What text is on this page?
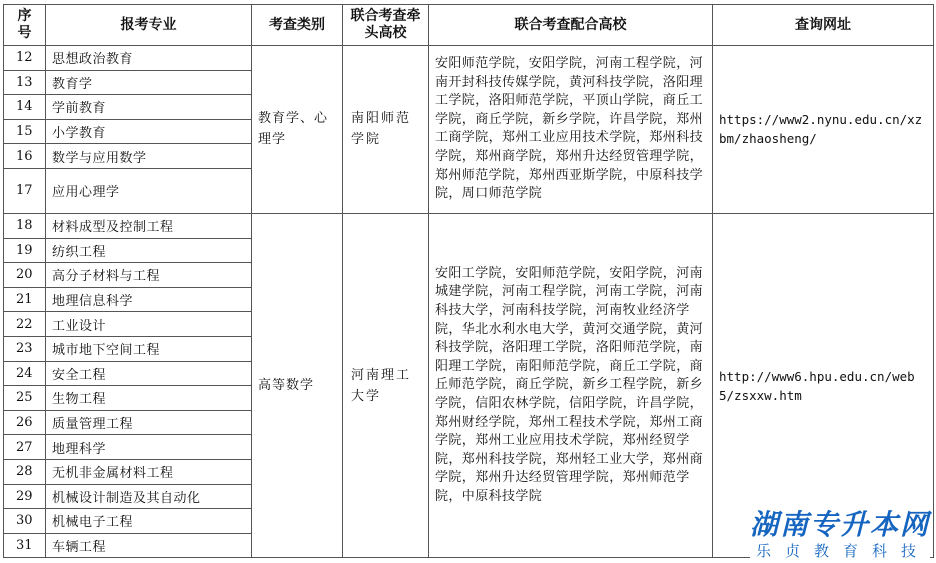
序号	报考专业	考查类别	联合考查牵头高校	联合考查配合高校	查询网址
12	思想政治教育	教育学、心理学	南阳师范学院	安阳师范学院，安阳学院，河南工程学院，河南开封科技传媒学院，黄河科技学院，洛阳理工学院，洛阳师范学院，平顶山学院，商丘工学院，商丘学院，新乡学院，许昌学院，郑州工商学院，郑州工业应用技术学院，郑州科技学院，郑州商学院，郑州升达经贸管理学院，郑州师范学院，郑州西亚斯学院，中原科技学院，周口师范学院	https://www2.nynu.edu.cn/xzbm/zhaosheng/
13	教育学				
14	学前教育				
15	小学教育				
16	数学与应用数学				
17	应用心理学				
18	材料成型及控制工程	高等数学	河南理工大学	安阳工学院，安阳师范学院，安阳学院，河南城建学院，河南工程学院，河南工学院，河南科技大学，河南科技学院，河南牧业经济学院，华北水利水电大学，黄河交通学院，黄河科技学院，洛阳理工学院，洛阳师范学院，南阳理工学院，南阳师范学院，商丘工学院，商丘师范学院，商丘学院，新乡工程学院，新乡学院，信阳农林学院，信阳学院，许昌学院，郑州财经学院，郑州工程技术学院，郑州工商学院，郑州工业应用技术学院，郑州经贸学院，郑州科技学院，郑州轻工业大学，郑州商学院，郑州升达经贸管理学院，郑州师范学院，中原科技学院	http://www6.hpu.edu.cn/web5/zsxxw.htm
19	纺织工程				
20	高分子材料与工程				
21	地理信息科学				
22	工业设计				
23	城市地下空间工程				
24	安全工程				
25	生物工程				
26	质量管理工程				
27	地理科学				
28	无机非金属材料工程				
29	机械设计制造及其自动化				
30	机械电子工程				
31	车辆工程				
湖南专升本网
乐贞教育科技
